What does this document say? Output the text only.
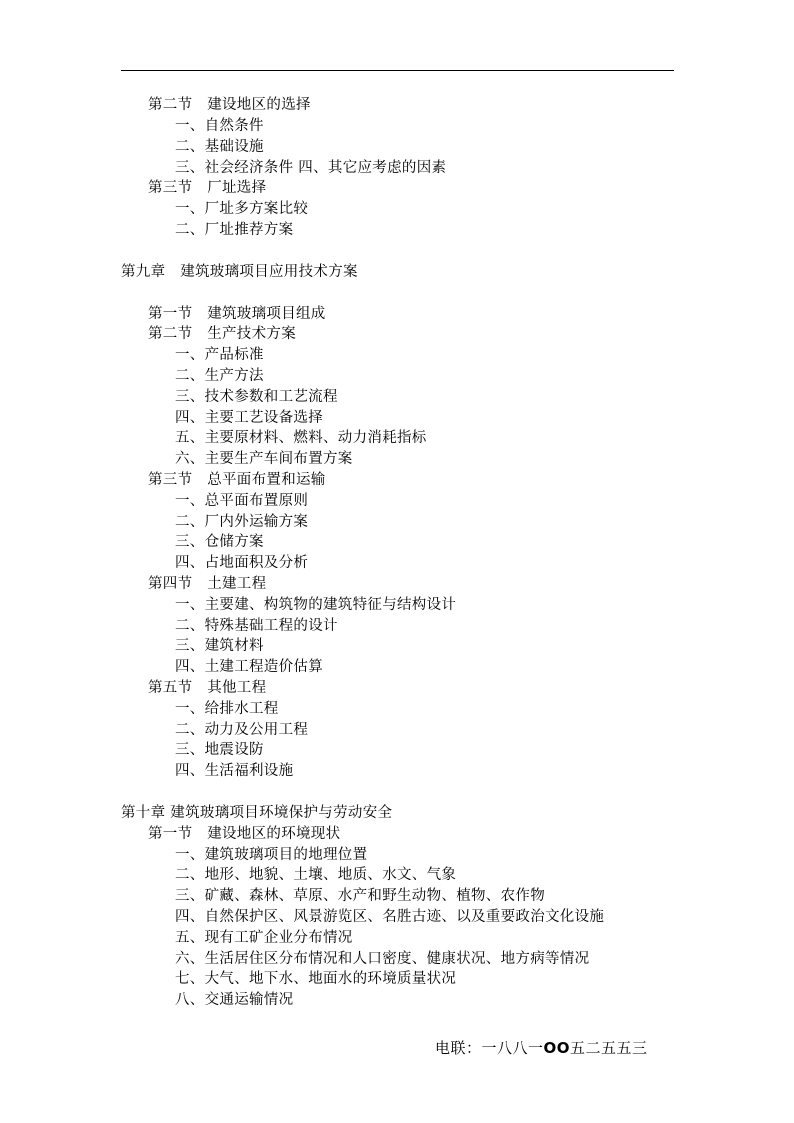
第二节　建设地区的选择
一、自然条件
二、基础设施
三、社会经济条件 四、其它应考虑的因素
第三节　厂址选择
一、厂址多方案比较
二、厂址推荐方案
第九章　建筑玻璃项目应用技术方案
第一节　建筑玻璃项目组成
第二节　生产技术方案
一、产品标准
二、生产方法
三、技术参数和工艺流程
四、主要工艺设备选择
五、主要原材料、燃料、动力消耗指标
六、主要生产车间布置方案
第三节　总平面布置和运输
一、总平面布置原则
二、厂内外运输方案
三、仓储方案
四、占地面积及分析
第四节　土建工程
一、主要建、构筑物的建筑特征与结构设计
二、特殊基础工程的设计
三、建筑材料
四、土建工程造价估算
第五节　其他工程
一、给排水工程
二、动力及公用工程
三、地震设防
四、生活福利设施
第十章 建筑玻璃项目环境保护与劳动安全
第一节　建设地区的环境现状
一、建筑玻璃项目的地理位置
二、地形、地貌、土壤、地质、水文、气象
三、矿藏、森林、草原、水产和野生动物、植物、农作物
四、自然保护区、风景游览区、名胜古迹、以及重要政治文化设施
五、现有工矿企业分布情况
六、生活居住区分布情况和人口密度、健康状况、地方病等情况
七、大气、地下水、地面水的环境质量状况
八、交通运输情况
电联：一八八一OO五二五五三
